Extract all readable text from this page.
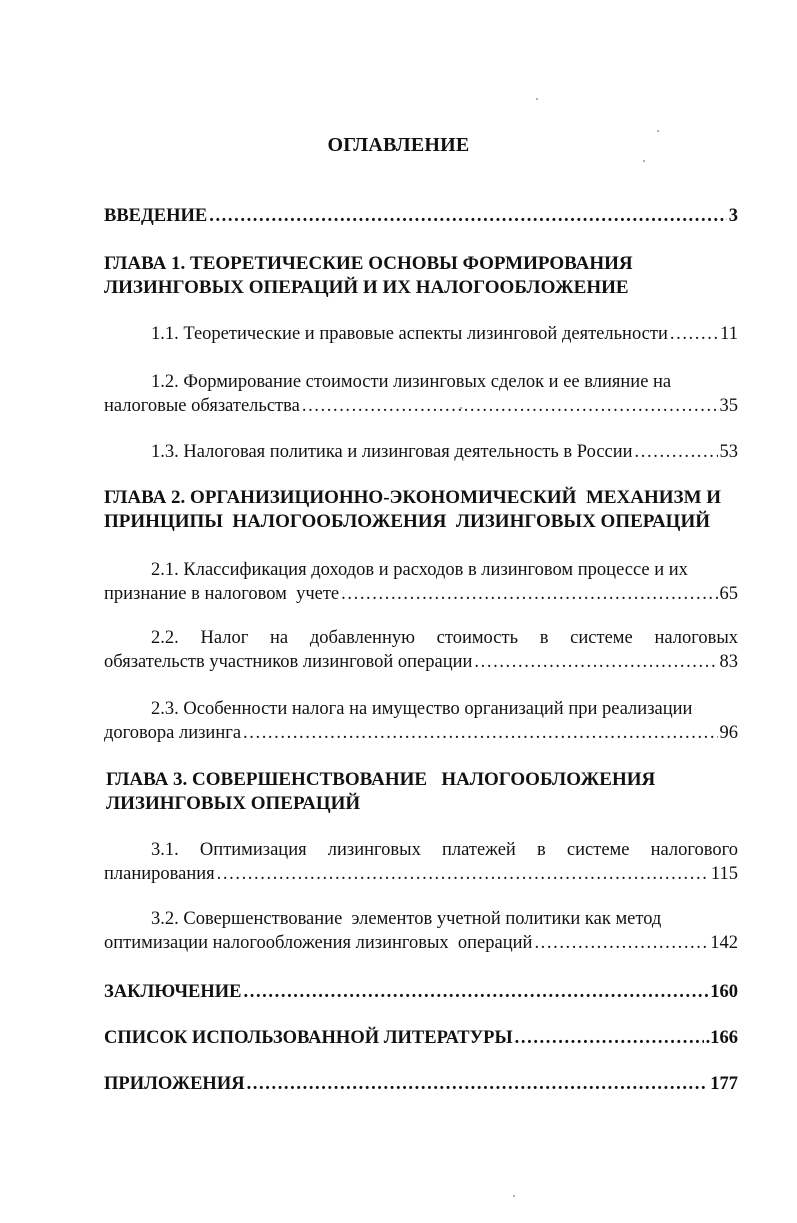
ОГЛАВЛЕНИЕ
ВВЕДЕНИЕ .....	3
ГЛАВА 1. ТЕОРЕТИЧЕСКИЕ ОСНОВЫ ФОРМИРОВАНИЯ
ЛИЗИНГОВЫХ ОПЕРАЦИЙ И ИХ НАЛОГООБЛОЖЕНИЕ
1.1. Теоретические и правовые аспекты лизинговой деятельности .....	11
1.2. Формирование стоимости лизинговых сделок и ее влияние на
налоговые обязательства .....	35
1.3. Налоговая политика и лизинговая деятельность в России .....	53
ГЛАВА 2. ОРГАНИЗИЦИОННО-ЭКОНОМИЧЕСКИЙ  МЕХАНИЗМ И
ПРИНЦИПЫ  НАЛОГООБЛОЖЕНИЯ  ЛИЗИНГОВЫХ ОПЕРАЦИЙ
2.1. Классификация доходов и расходов в лизинговом процессе и их
признание в налоговом  учете .....	65
2.2. Налог на добавленную стоимость в системе налоговых
обязательств участников лизинговой операции .....	83
2.3. Особенности налога на имущество организаций при реализации
договора лизинга .....	96
ГЛАВА 3. СОВЕРШЕНСТВОВАНИЕ   НАЛОГООБЛОЖЕНИЯ
ЛИЗИНГОВЫХ ОПЕРАЦИЙ
3.1. Оптимизация лизинговых платежей в системе налогового
планирования .....	115
3.2. Совершенствование  элементов учетной политики как метод
оптимизации налогообложения лизинговых  операций .....	142
ЗАКЛЮЧЕНИЕ .....	160
СПИСОК ИСПОЛЬЗОВАННОЙ ЛИТЕРАТУРЫ .....	.166
ПРИЛОЖЕНИЯ .....	177
